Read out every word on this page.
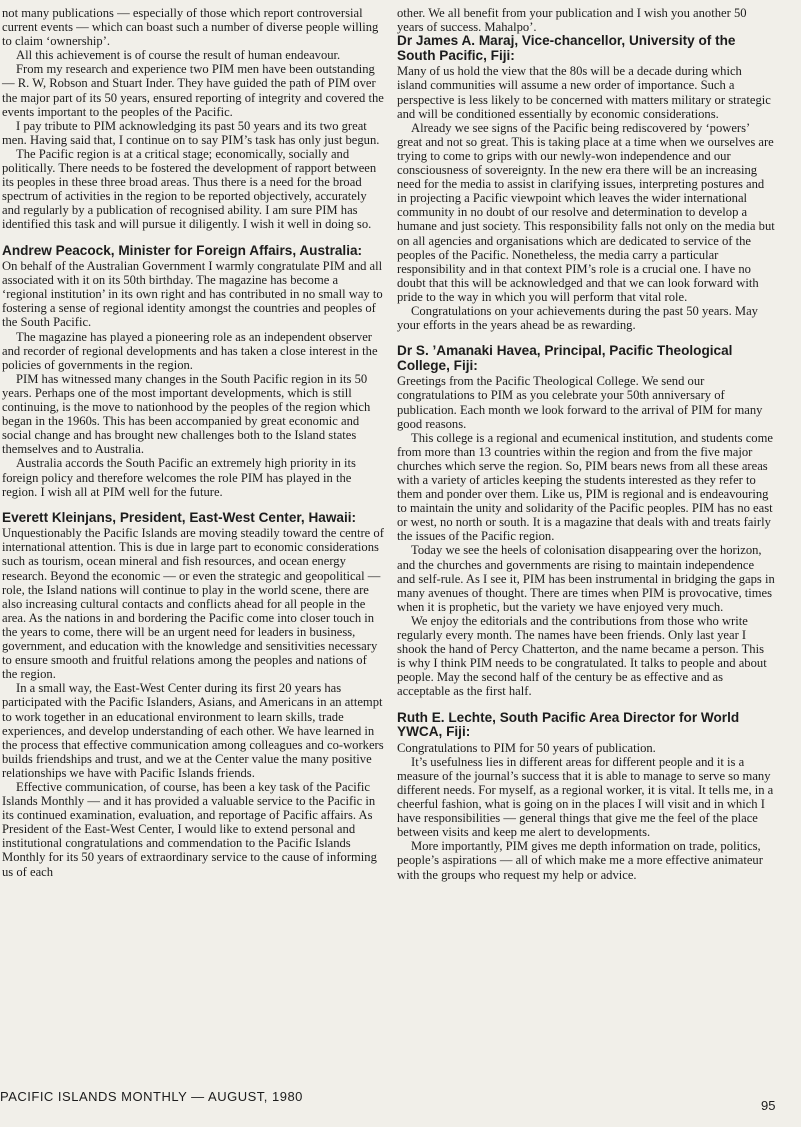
not many publications — especially of those which report controversial current events — which can boast such a number of diverse people willing to claim ‘ownership’.

All this achievement is of course the result of human endeavour.

From my research and experience two PIM men have been outstanding — R. W, Robson and Stuart Inder. They have guided the path of PIM over the major part of its 50 years, ensured reporting of integrity and covered the events important to the peoples of the Pacific.

I pay tribute to PIM acknowledging its past 50 years and its two great men. Having said that, I continue on to say PIM’s task has only just begun.

The Pacific region is at a critical stage; economically, socially and politically. There needs to be fostered the development of rapport between its peoples in these three broad areas. Thus there is a need for the broad spectrum of activities in the region to be reported objectively, accurately and regularly by a publication of recognised ability. I am sure PIM has identified this task and will pursue it diligently. I wish it well in doing so.

Andrew Peacock, Minister for Foreign Affairs, Australia:

On behalf of the Australian Government I warmly congratulate PIM and all associated with it on its 50th birthday. The magazine has become a ‘regional institution’ in its own right and has contributed in no small way to fostering a sense of regional identity amongst the countries and peoples of the South Pacific.

The magazine has played a pioneering role as an independent observer and recorder of regional developments and has taken a close interest in the policies of governments in the region.

PIM has witnessed many changes in the South Pacific region in its 50 years. Perhaps one of the most important developments, which is still continuing, is the move to nationhood by the peoples of the region which began in the 1960s. This has been accompanied by great economic and social change and has brought new challenges both to the Island states themselves and to Australia.

Australia accords the South Pacific an extremely high priority in its foreign policy and therefore welcomes the role PIM has played in the region. I wish all at PIM well for the future.

Everett Kleinjans, President, East-West Center, Hawaii:

Unquestionably the Pacific Islands are moving steadily toward the centre of international attention. This is due in large part to economic considerations such as tourism, ocean mineral and fish resources, and ocean energy research. Beyond the economic — or even the strategic and geopolitical — role, the Island nations will continue to play in the world scene, there are also increasing cultural contacts and conflicts ahead for all people in the area. As the nations in and bordering the Pacific come into closer touch in the years to come, there will be an urgent need for leaders in business, government, and education with the knowledge and sensitivities necessary to ensure smooth and fruitful relations among the peoples and nations of the region.

In a small way, the East-West Center during its first 20 years has participated with the Pacific Islanders, Asians, and Americans in an attempt to work together in an educational environment to learn skills, trade experiences, and develop understanding of each other. We have learned in the process that effective communication among colleagues and co-workers builds friendships and trust, and we at the Center value the many positive relationships we have with Pacific Islands friends.

Effective communication, of course, has been a key task of the Pacific Islands Monthly — and it has provided a valuable service to the Pacific in its continued examination, evaluation, and reportage of Pacific affairs. As President of the East-West Center, I would like to extend personal and institutional congratulations and commendation to the Pacific Islands Monthly for its 50 years of extraordinary service to the cause of informing us of each

other. We all benefit from your publication and I wish you another 50 years of success. Mahalpo’.

Dr James A. Maraj, Vice-chancellor, University of the South Pacific, Fiji:

Many of us hold the view that the 80s will be a decade during which island communities will assume a new order of importance. Such a perspective is less likely to be concerned with matters military or strategic and will be conditioned essentially by economic considerations.

Already we see signs of the Pacific being rediscovered by ‘powers’ great and not so great. This is taking place at a time when we ourselves are trying to come to grips with our newly-won independence and our consciousness of sovereignty. In the new era there will be an increasing need for the media to assist in clarifying issues, interpreting postures and in projecting a Pacific viewpoint which leaves the wider international community in no doubt of our resolve and determination to develop a humane and just society. This responsibility falls not only on the media but on all agencies and organisations which are dedicated to service of the peoples of the Pacific. Nonetheless, the media carry a particular responsibility and in that context PIM’s role is a crucial one. I have no doubt that this will be acknowledged and that we can look forward with pride to the way in which you will perform that vital role.

Congratulations on your achievements during the past 50 years. May your efforts in the years ahead be as rewarding.

Dr S. ’Amanaki Havea, Principal, Pacific Theological College, Fiji:

Greetings from the Pacific Theological College. We send our congratulations to PIM as you celebrate your 50th anniversary of publication. Each month we look forward to the arrival of PIM for many good reasons.

This college is a regional and ecumenical institution, and students come from more than 13 countries within the region and from the five major churches which serve the region. So, PIM bears news from all these areas with a variety of articles keeping the students interested as they refer to them and ponder over them. Like us, PIM is regional and is endeavouring to maintain the unity and solidarity of the Pacific peoples. PIM has no east or west, no north or south. It is a magazine that deals with and treats fairly the issues of the Pacific region.

Today we see the heels of colonisation disappearing over the horizon, and the churches and governments are rising to maintain independence and self-rule. As I see it, PIM has been instrumental in bridging the gaps in many avenues of thought. There are times when PIM is provocative, times when it is prophetic, but the variety we have enjoyed very much.

We enjoy the editorials and the contributions from those who write regularly every month. The names have been friends. Only last year I shook the hand of Percy Chatterton, and the name became a person. This is why I think PIM needs to be congratulated. It talks to people and about people. May the second half of the century be as effective and as acceptable as the first half.

Ruth E. Lechte, South Pacific Area Director for World YWCA, Fiji:

Congratulations to PIM for 50 years of publication.

It’s usefulness lies in different areas for different people and it is a measure of the journal’s success that it is able to manage to serve so many different needs. For myself, as a regional worker, it is vital. It tells me, in a cheerful fashion, what is going on in the places I will visit and in which I have responsibilities — general things that give me the feel of the place between visits and keep me alert to developments.

More importantly, PIM gives me depth information on trade, politics, people’s aspirations — all of which make me a more effective animateur with the groups who request my help or advice.

PACIFIC ISLANDS MONTHLY — AUGUST, 1980
95
